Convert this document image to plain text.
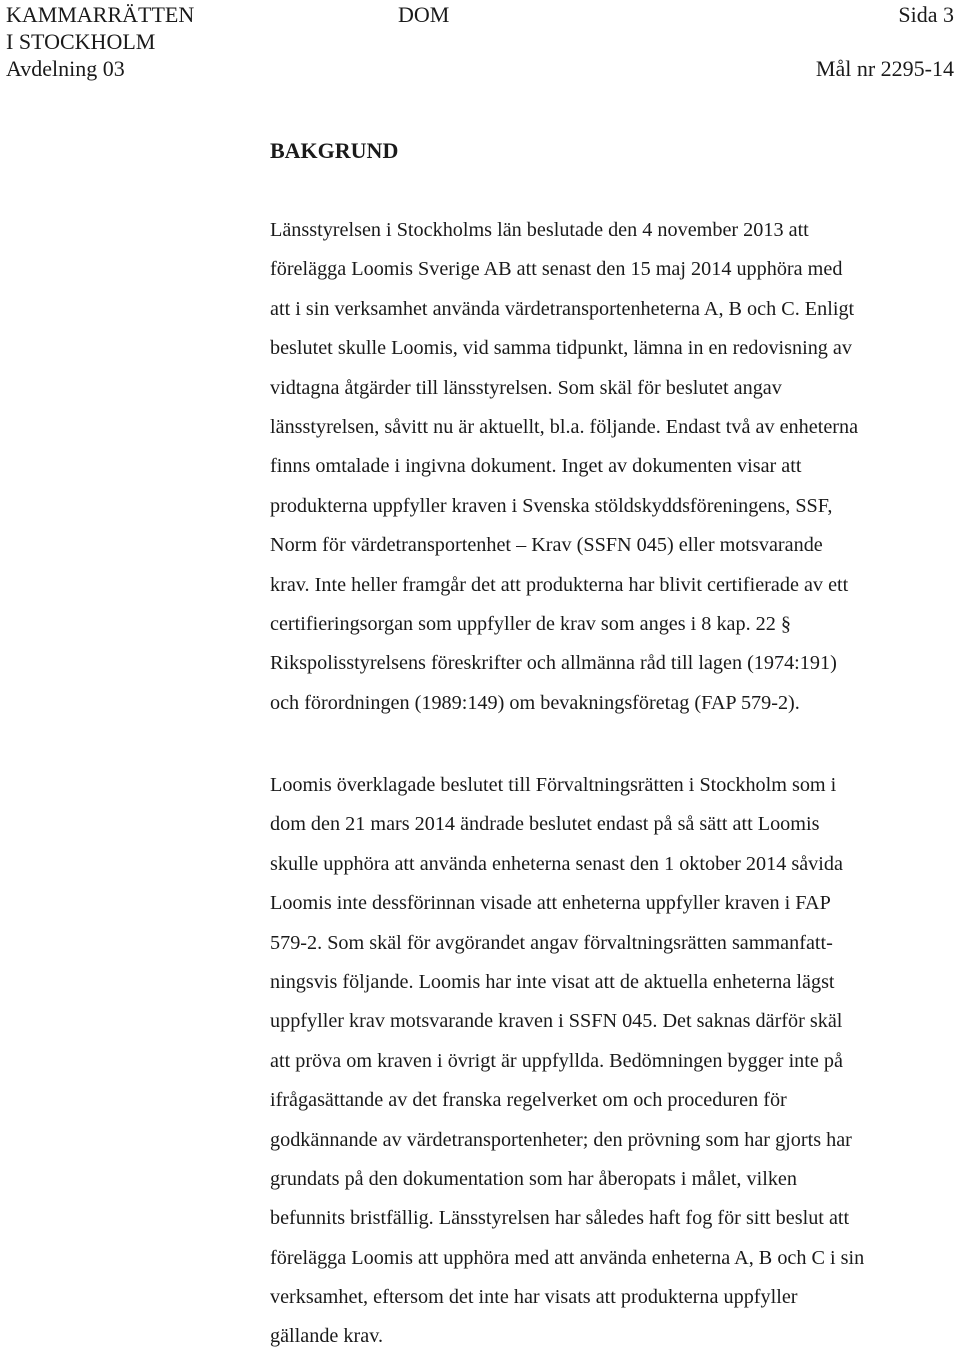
KAMMARRÄTTEN
I STOCKHOLM
Avdelning 03
DOM	Sida 3
Mål nr 2295-14
BAKGRUND
Länsstyrelsen i Stockholms län beslutade den 4 november 2013 att
förelägga Loomis Sverige AB att senast den 15 maj 2014 upphöra med
att i sin verksamhet använda värdetransportenheterna A, B och C. Enligt
beslutet skulle Loomis, vid samma tidpunkt, lämna in en redovisning av
vidtagna åtgärder till länsstyrelsen. Som skäl för beslutet angav
länsstyrelsen, såvitt nu är aktuellt, bl.a. följande. Endast två av enheterna
finns omtalade i ingivna dokument. Inget av dokumenten visar att
produkterna uppfyller kraven i Svenska stöldskyddsföreningens, SSF,
Norm för värdetransportenhet – Krav (SSFN 045) eller motsvarande
krav. Inte heller framgår det att produkterna har blivit certifierade av ett
certifieringsorgan som uppfyller de krav som anges i 8 kap. 22 §
Rikspolisstyrelsens föreskrifter och allmänna råd till lagen (1974:191)
och förordningen (1989:149) om bevakningsföretag (FAP 579-2).
Loomis överklagade beslutet till Förvaltningsrätten i Stockholm som i
dom den 21 mars 2014 ändrade beslutet endast på så sätt att Loomis
skulle upphöra att använda enheterna senast den 1 oktober 2014 såvida
Loomis inte dessförinnan visade att enheterna uppfyller kraven i FAP
579-2. Som skäl för avgörandet angav förvaltningsrätten sammanfatt-
ningsvis följande. Loomis har inte visat att de aktuella enheterna lägst
uppfyller krav motsvarande kraven i SSFN 045. Det saknas därför skäl
att pröva om kraven i övrigt är uppfyllda. Bedömningen bygger inte på
ifrågasättande av det franska regelverket om och proceduren för
godkännande av värdetransportenheter; den prövning som har gjorts har
grundats på den dokumentation som har åberopats i målet, vilken
befunnits bristfällig. Länsstyrelsen har således haft fog för sitt beslut att
förelägga Loomis att upphöra med att använda enheterna A, B och C i sin
verksamhet, eftersom det inte har visats att produkterna uppfyller
gällande krav.
